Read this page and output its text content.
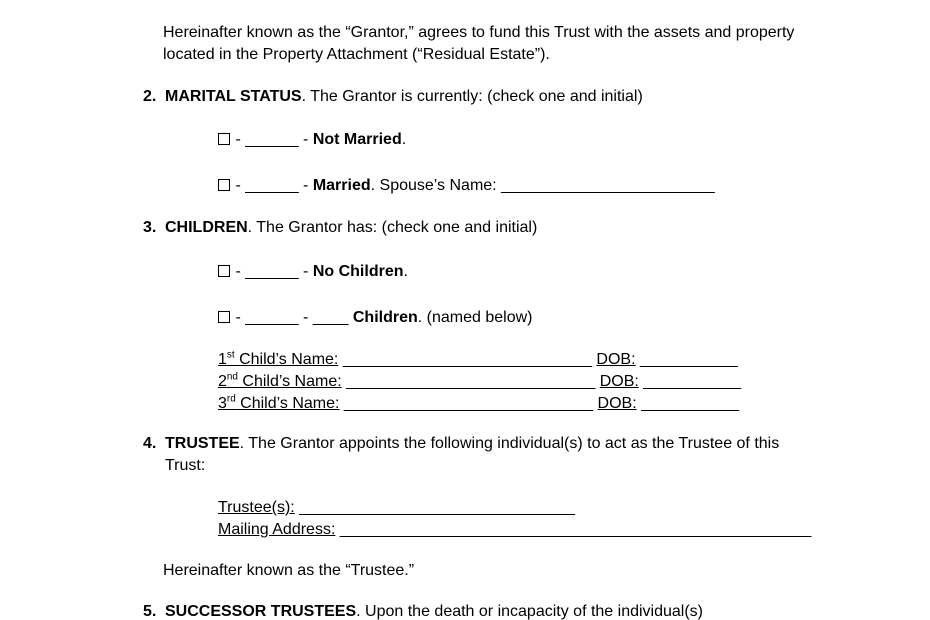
Hereinafter known as the “Grantor,” agrees to fund this Trust with the assets and property located in the Property Attachment (“Residual Estate”).

2. MARITAL STATUS. The Grantor is currently: (check one and initial)
- ______ - Not Married.
- ______ - Married. Spouse’s Name: ________________________
3. CHILDREN. The Grantor has: (check one and initial)
- ______ - No Children.
- ______ - ____ Children. (named below)
1st Child’s Name: ____________________________ DOB: ___________
2nd Child’s Name: ____________________________ DOB: ___________
3rd Child’s Name: ____________________________ DOB: ___________
4. TRUSTEE. The Grantor appoints the following individual(s) to act as the Trustee of this Trust:
Trustee(s): _______________________________
Mailing Address: _____________________________________________________

Hereinafter known as the “Trustee.”

5. SUCCESSOR TRUSTEES. Upon the death or incapacity of the individual(s)
